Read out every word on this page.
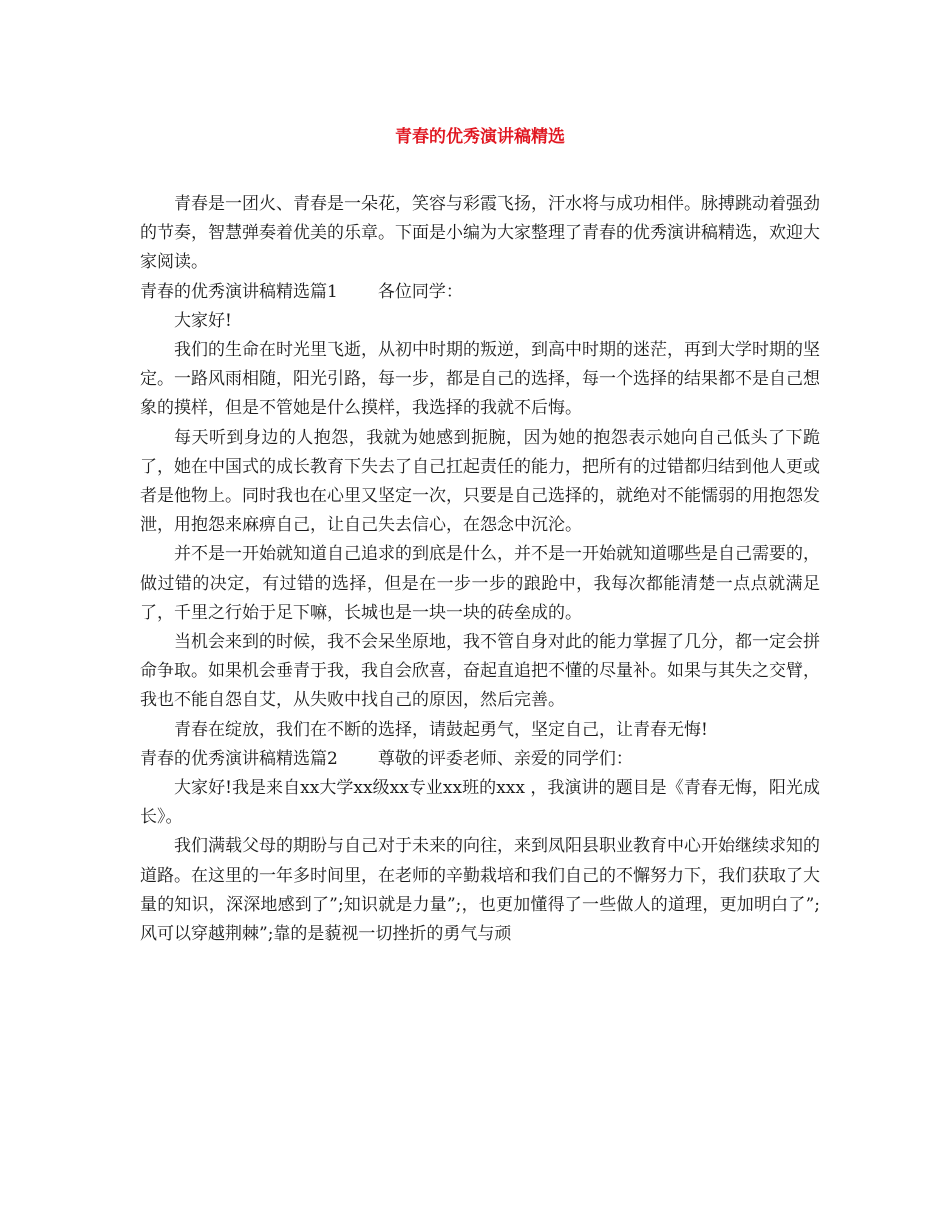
青春的优秀演讲稿精选

青春是一团火、青春是一朵花，笑容与彩霞飞扬，汗水将与成功相伴。脉搏跳动着强劲的节奏，智慧弹奏着优美的乐章。下面是小编为大家整理了青春的优秀演讲稿精选，欢迎大家阅读。

青春的优秀演讲稿精选篇1 各位同学：

大家好!

我们的生命在时光里飞逝，从初中时期的叛逆，到高中时期的迷茫，再到大学时期的坚定。一路风雨相随，阳光引路，每一步，都是自己的选择，每一个选择的结果都不是自己想象的摸样，但是不管她是什么摸样，我选择的我就不后悔。

每天听到身边的人抱怨，我就为她感到扼腕，因为她的抱怨表示她向自己低头了下跪了，她在中国式的成长教育下失去了自己扛起责任的能力，把所有的过错都归结到他人更或者是他物上。同时我也在心里又坚定一次，只要是自己选择的，就绝对不能懦弱的用抱怨发泄，用抱怨来麻痹自己，让自己失去信心，在怨念中沉沦。

并不是一开始就知道自己追求的到底是什么，并不是一开始就知道哪些是自己需要的，做过错的决定，有过错的选择，但是在一步一步的踉跄中，我每次都能清楚一点点就满足了，千里之行始于足下嘛，长城也是一块一块的砖垒成的。

当机会来到的时候，我不会呆坐原地，我不管自身对此的能力掌握了几分，都一定会拼命争取。如果机会垂青于我，我自会欣喜，奋起直追把不懂的尽量补。如果与其失之交臂，我也不能自怨自艾，从失败中找自己的原因，然后完善。

青春在绽放，我们在不断的选择，请鼓起勇气，坚定自己，让青春无悔!

青春的优秀演讲稿精选篇2 尊敬的评委老师、亲爱的同学们：

大家好!我是来自xx大学xx级xx专业xx班的xxx ，我演讲的题目是《青春无悔，阳光成长》。

我们满载父母的期盼与自己对于未来的向往，来到凤阳县职业教育中心开始继续求知的道路。在这里的一年多时间里，在老师的辛勤栽培和我们自己的不懈努力下，我们获取了大量的知识，深深地感到了”;知识就是力量”;，也更加懂得了一些做人的道理，更加明白了”;风可以穿越荆棘”;靠的是藐视一切挫折的勇气与顽
